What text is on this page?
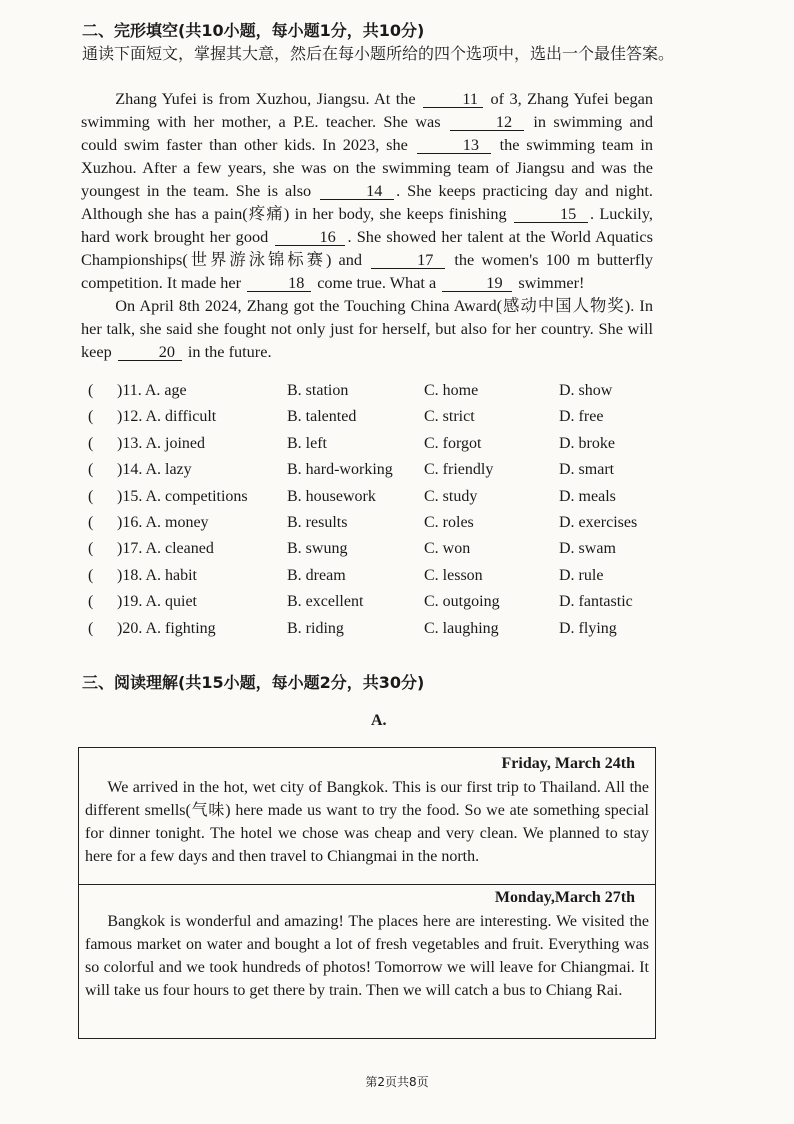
二、完形填空(共10小题，每小题1分，共10分)
通读下面短文，掌握其大意，然后在每小题所给的四个选项中，选出一个最佳答案。

Zhang Yufei is from Xuzhou, Jiangsu. At the	11 of 3, Zhang Yufei began swimming with her mother, a P.E. teacher. She was	12 in swimming and could swim faster than other kids. In 2023, she	13 the swimming team in Xuzhou. After a few years, she was on the swimming team of Jiangsu and was the youngest in the team. She is also	14 . She keeps practicing day and night. Although she has a pain(疼痛) in her body, she keeps finishing	15 . Luckily, hard work brought her good	16 . She showed her talent at the World Aquatics Championships(世界游泳锦标赛) and	17 the women's 100 m butterfly competition. It made her	18 come true. What a	19 swimmer!

On April 8th 2024, Zhang got the Touching China Award(感动中国人物奖). In her talk, she said she fought not only just for herself, but also for her country. She will keep	20 in the future.

( )11. A. age	B. station	C. home	D. show
( )12. A. difficult	B. talented	C. strict	D. free
( )13. A. joined	B. left	C. forgot	D. broke
( )14. A. lazy	B. hard-working C. friendly	D. smart
( )15. A. competitions B. housework	C. study	D. meals
( )16. A. money	B. results	C. roles	D. exercises
( )17. A. cleaned	B. swung	C. won	D. swam
( )18. A. habit	B. dream	C. lesson	D. rule
( )19. A. quiet	B. excellent	C. outgoing	D. fantastic
( )20. A. fighting	B. riding	C. laughing	D. flying
三、阅读理解(共15小题，每小题2分，共30分)
A.
Friday, March 24th

We arrived in the hot, wet city of Bangkok. This is our first trip to Thailand. All the different smells(气味) here made us want to try the food. So we ate something special for dinner tonight. The hotel we chose was cheap and very clean. We planned to stay here for a few days and then travel to Chiangmai in the north.

Monday,March 27th

Bangkok is wonderful and amazing! The places here are interesting. We visited the famous market on water and bought a lot of fresh vegetables and fruit. Everything was so colorful and we took hundreds of photos! Tomorrow we will leave for Chiangmai. It will take us four hours to get there by train. Then we will catch a bus to Chiang Rai.

第2页共8页
